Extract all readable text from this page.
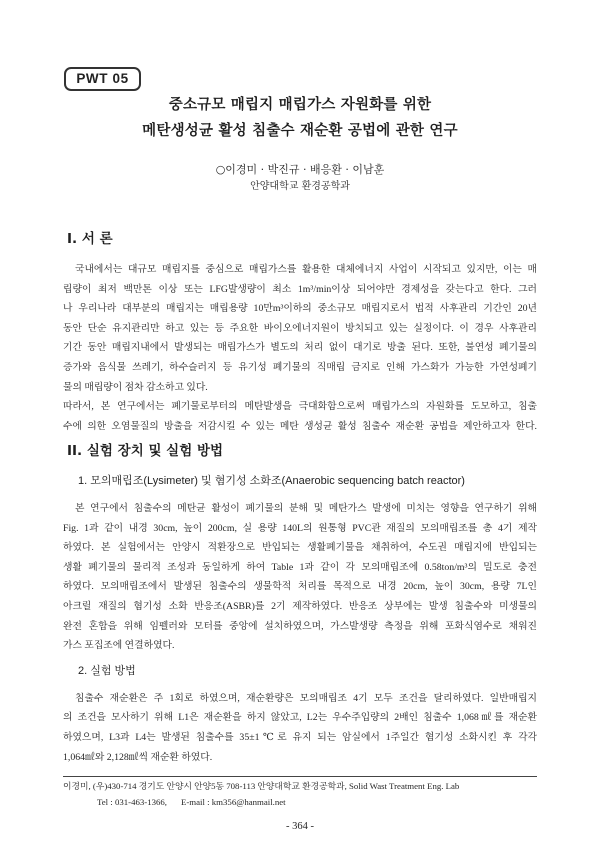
PWT 05
중소규모 매립지 매립가스 자원화를 위한
메탄생성균 활성 침출수 재순환 공법에 관한 연구
○이경미 · 박진규 · 배응환 · 이남훈
안양대학교 환경공학과
I. 서 론
국내에서는 대규모 매립지를 중심으로 매립가스를 활용한 대체에너지 사업이 시작되고 있지만, 이는 매
립량이 최저 백만톤 이상 또는 LFG발생량이 최소 1m³/min이상 되어야만 경제성을 갖는다고 한다. 그러
나 우리나라 대부분의 매립지는 매립용량 10만m³이하의 중소규모 매립지로서 법적 사후관리 기간인 20년
동안 단순 유지관리만 하고 있는 등 주요한 바이오에너지원이 방치되고 있는 실정이다. 이 경우 사후관리
기간 동안 매립지내에서 발생되는 매립가스가 별도의 처리 없이 대기로 방출 된다. 또한, 불연성 폐기물의
증가와 음식물 쓰레기, 하수슬러지 등 유기성 폐기물의 직매립 금지로 인해 가스화가 가능한 가연성폐기
물의 매립량이 점차 감소하고 있다.
따라서, 본 연구에서는 폐기물로부터의 메탄발생을 극대화함으로써 매립가스의 자원화를 도모하고, 침출
수에 의한 오염물질의 방출을 저감시킬 수 있는 메탄 생성균 활성 침출수 재순환 공법을 제안하고자 한다.
II. 실험 장치 및 실험 방법
1. 모의매립조(Lysimeter) 및 혐기성 소화조(Anaerobic sequencing batch reactor)
본 연구에서 침출수의 메탄균 활성이 폐기물의 분해 및 메탄가스 발생에 미치는 영향을 연구하기 위해
Fig. 1과 같이 내경 30cm, 높이 200cm, 실 용량 140L의 원통형 PVC관 재질의 모의매립조를 총 4기 제작
하였다. 본 실험에서는 안양시 적환장으로 반입되는 생활폐기물을 채취하여, 수도권 매립지에 반입되는
생활 폐기물의 물리적 조성과 동일하게 하여 Table 1과 같이 각 모의매립조에 0.58ton/m³의 밀도로 충전
하였다. 모의매립조에서 발생된 침출수의 생물학적 처리를 목적으로 내경 20cm, 높이 30cm, 용량 7L인
아크릴 재질의 혐기성 소화 반응조(ASBR)를 2기 제작하였다. 반응조 상부에는 발생 침출수와 미생물의
완전 혼합을 위해 임펠러와 모터를 중앙에 설치하였으며, 가스발생량 측정을 위해 포화식염수로 채워진
가스 포집조에 연결하였다.
2. 실험 방법
침출수 재순환은 주 1회로 하였으며, 재순환량은 모의매립조 4기 모두 조건을 달리하였다. 일반매립지
의 조건을 모사하기 위해 L1은 재순환을 하지 않았고, L2는 우수주입량의 2배인 침출수 1,068㎖를 재순환
하였으며, L3과 L4는 발생된 침출수를 35±1℃로 유지 되는 암실에서 1주일간 혐기성 소화시킨 후 각각
1,064㎖와 2,128㎖씩 재순환 하였다.
이경미, (우)430-714 경기도 안양시 안양5동 708-113 안양대학교 환경공학과, Solid Wast Treatment Eng. Lab
Tel : 031-463-1366, E-mail : km356@hanmail.net
- 364 -
